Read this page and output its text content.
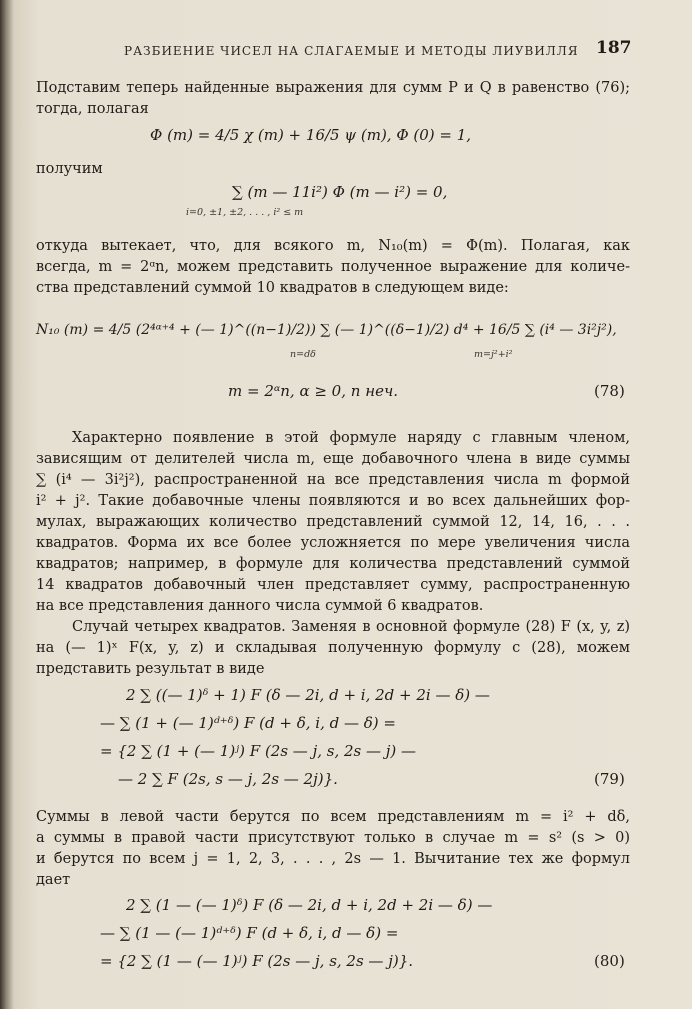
РАЗБИЕНИЕ ЧИСЕЛ НА СЛАГАЕМЫЕ И МЕТОДЫ ЛИУВИЛЛЯ	187
Подставим теперь найденные выражения для сумм P и Q в равенство (76);
тогда, полагая
Φ (m) = 4/5 χ (m) + 16/5 ψ (m), Φ (0) = 1,
получим
∑ (m — 11i²) Φ (m — i²) = 0,
i=0, ±1, ±2, . . . , i² ≤ m
откуда вытекает, что, для всякого m, N₁₀(m) = Φ(m). Полагая, как
всегда, m = 2ᵅn, можем представить полученное выражение для количе-
ства представлений суммой 10 квадратов в следующем виде:
N₁₀ (m) = 4/5 (2⁴ᵅ⁺⁴ + (— 1)^((n−1)/2)) ∑ (— 1)^((δ−1)/2) d⁴ + 16/5 ∑ (i⁴ — 3i²j²),
n=dδ	m=j²+i²
m = 2ᵅn, α ≥ 0, n неч.	(78)
Характерно появление в этой формуле наряду с главным членом,
зависящим от делителей числа m, еще добавочного члена в виде суммы
∑ (i⁴ — 3i²j²), распространенной на все представления числа m формой
i² + j². Такие добавочные члены появляются и во всех дальнейших фор-
мулах, выражающих количество представлений суммой 12, 14, 16, . . .
квадратов. Форма их все более усложняется по мере увеличения числа
квадратов; например, в формуле для количества представлений суммой
14 квадратов добавочный член представляет сумму, распространенную
на все представления данного числа суммой 6 квадратов.
Случай четырех квадратов. Заменяя в основной формуле (28) F (x, y, z)
на (— 1)ˣ F(x, y, z) и складывая полученную формулу с (28), можем
представить результат в виде
2 ∑ ((— 1)ᵟ + 1) F (δ — 2i, d + i, 2d + 2i — δ) —
— ∑ (1 + (— 1)ᵈ⁺ᵟ) F (d + δ, i, d — δ) =
= {2 ∑ (1 + (— 1)ʲ) F (2s — j, s, 2s — j) —
— 2 ∑ F (2s, s — j, 2s — 2j)}.	(79)
Суммы в левой части берутся по всем представлениям m = i² + dδ,
а суммы в правой части присутствуют только в случае m = s² (s > 0)
и берутся по всем j = 1, 2, 3, . . . , 2s — 1. Вычитание тех же формул
дает
2 ∑ (1 — (— 1)ᵟ) F (δ — 2i, d + i, 2d + 2i — δ) —
— ∑ (1 — (— 1)ᵈ⁺ᵟ) F (d + δ, i, d — δ) =
= {2 ∑ (1 — (— 1)ʲ) F (2s — j, s, 2s — j)}.	(80)
